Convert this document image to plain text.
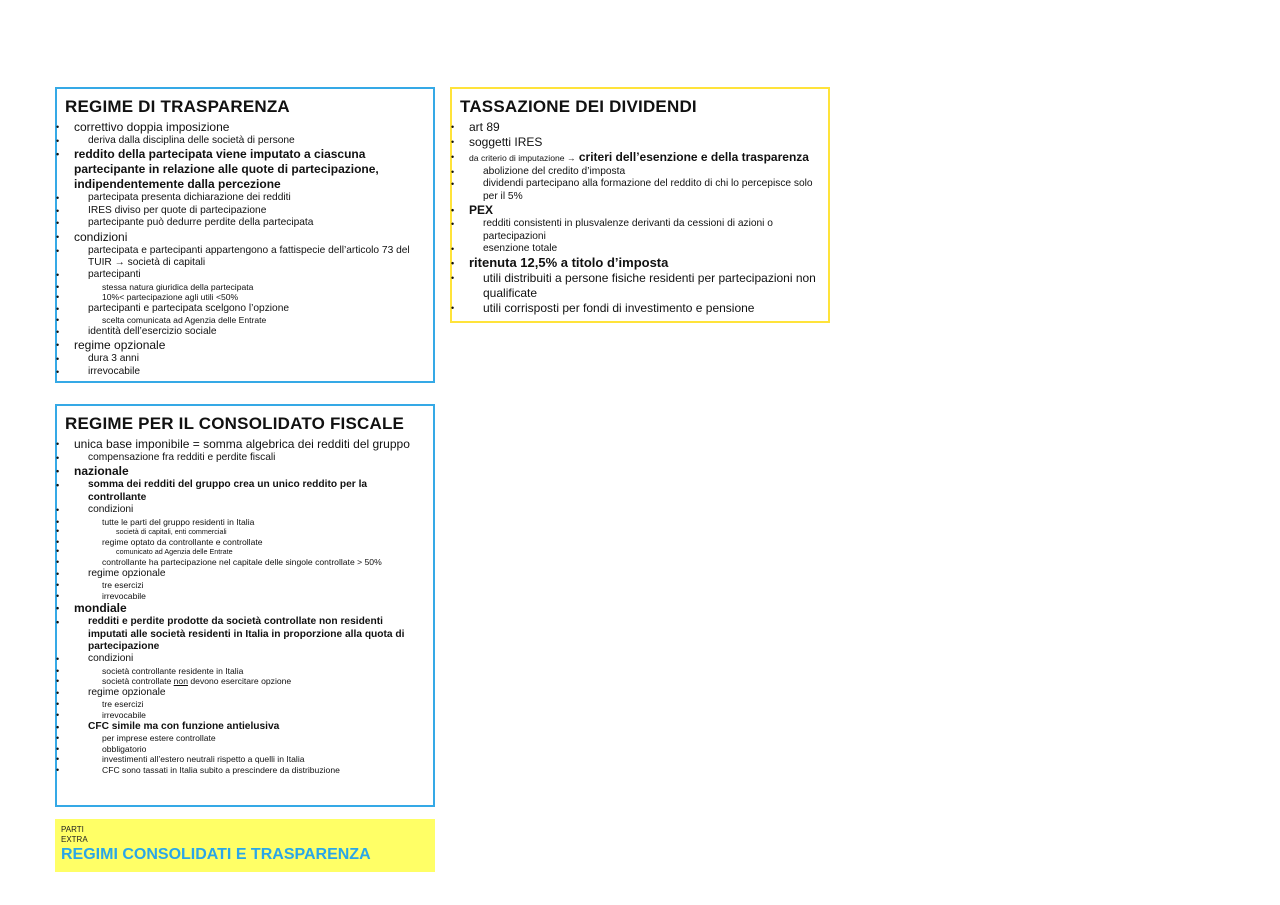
REGIME DI TRASPARENZA
• correttivo doppia imposizione
• deriva dalla disciplina delle società di persone
• reddito della partecipata viene imputato a ciascuna partecipante in relazione alle quote di partecipazione, indipendentemente dalla percezione
• partecipata presenta dichiarazione dei redditi
• IRES diviso per quote di partecipazione
• partecipante può dedurre perdite della partecipata
• condizioni
• partecipata e partecipanti appartengono a fattispecie dell’articolo 73 del TUIR → società di capitali
• partecipanti
• stessa natura giuridica della partecipata
• 10%< partecipazione agli utili <50%
• partecipanti e partecipata scelgono l’opzione
• scelta comunicata ad Agenzia delle Entrate
• identità dell’esercizio sociale
• regime opzionale
• dura 3 anni
• irrevocabile
TASSAZIONE DEI DIVIDENDI
• art 89
• soggetti IRES
• da criterio di imputazione → criteri dell’esenzione e della trasparenza
• abolizione del credito d’imposta
• dividendi partecipano alla formazione del reddito di chi lo percepisce solo per il 5%
• PEX
• redditi consistenti in plusvalenze derivanti da cessioni di azioni o partecipazioni
• esenzione totale
• ritenuta 12,5% a titolo d’imposta
• utili distribuiti a persone fisiche residenti per partecipazioni non qualificate
• utili corrisposti per fondi di investimento e pensione
REGIME PER IL CONSOLIDATO FISCALE
• unica base imponibile = somma algebrica dei redditi del gruppo
• compensazione fra redditi e perdite fiscali
• nazionale
• somma dei redditi del gruppo crea un unico reddito per la controllante
• condizioni
• tutte le parti del gruppo residenti in Italia
• società di capitali, enti commerciali
• regime optato da controllante e controllate
• comunicato ad Agenzia delle Entrate
• controllante ha partecipazione nel capitale delle singole controllate > 50%
• regime opzionale
• tre esercizi
• irrevocabile
• mondiale
• redditi e perdite prodotte da società controllate non residenti imputati alle società residenti in Italia in proporzione alla quota di partecipazione
• condizioni
• società controllante residente in Italia
• società controllate non devono esercitare opzione
• regime opzionale
• tre esercizi
• irrevocabile
• CFC simile ma con funzione antielusiva
• per imprese estere controllate
• obbligatorio
• investimenti all’estero neutrali rispetto a quelli in Italia
• CFC sono tassati in Italia subito a prescindere da distribuzione
PARTI
EXTRA
REGIMI CONSOLIDATI E TRASPARENZA
